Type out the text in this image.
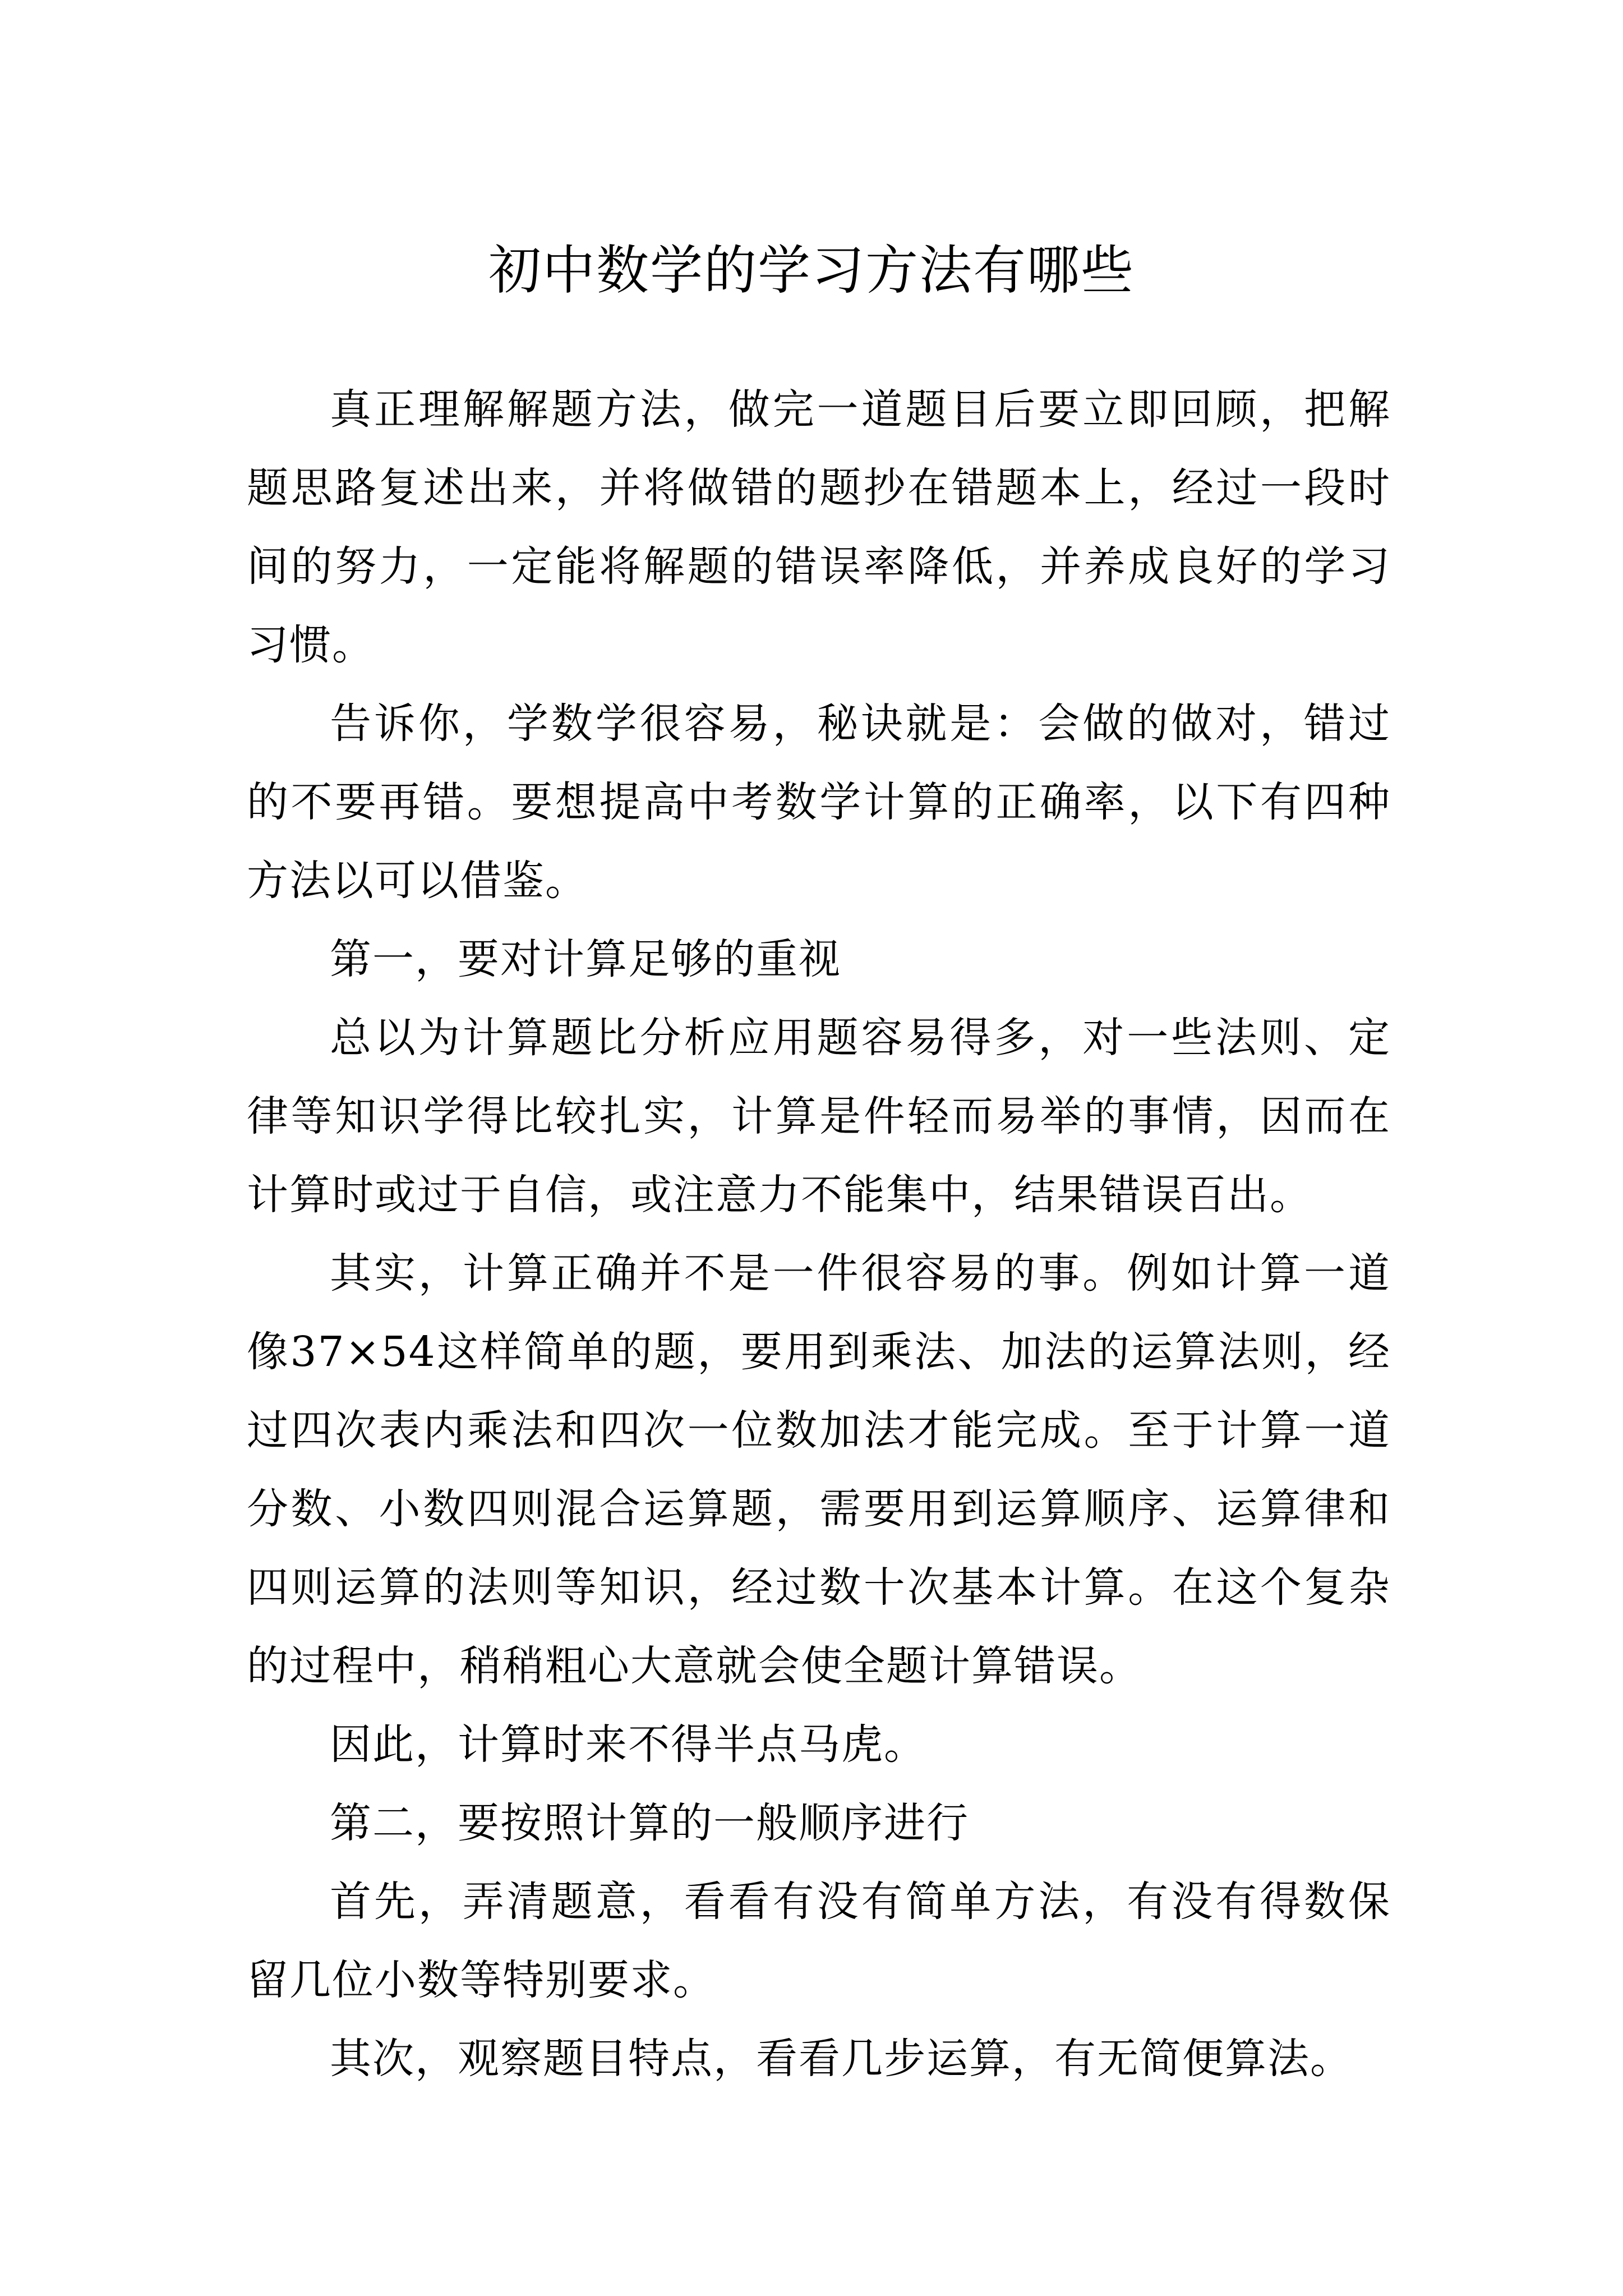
初中数学的学习方法有哪些

真正理解解题方法，做完一道题目后要立即回顾，把解题思路复述出来，并将做错的题抄在错题本上，经过一段时间的努力，一定能将解题的错误率降低，并养成良好的学习习惯。

告诉你，学数学很容易，秘诀就是：会做的做对，错过的不要再错。要想提高中考数学计算的正确率，以下有四种方法以可以借鉴。

第一，要对计算足够的重视

总以为计算题比分析应用题容易得多，对一些法则、定律等知识学得比较扎实，计算是件轻而易举的事情，因而在计算时或过于自信，或注意力不能集中，结果错误百出。

其实，计算正确并不是一件很容易的事。例如计算一道像37×54这样简单的题，要用到乘法、加法的运算法则，经过四次表内乘法和四次一位数加法才能完成。至于计算一道分数、小数四则混合运算题，需要用到运算顺序、运算律和四则运算的法则等知识，经过数十次基本计算。在这个复杂的过程中，稍稍粗心大意就会使全题计算错误。

因此，计算时来不得半点马虎。

第二，要按照计算的一般顺序进行

首先，弄清题意，看看有没有简单方法，有没有得数保留几位小数等特别要求。

其次，观察题目特点，看看几步运算，有无简便算法。
